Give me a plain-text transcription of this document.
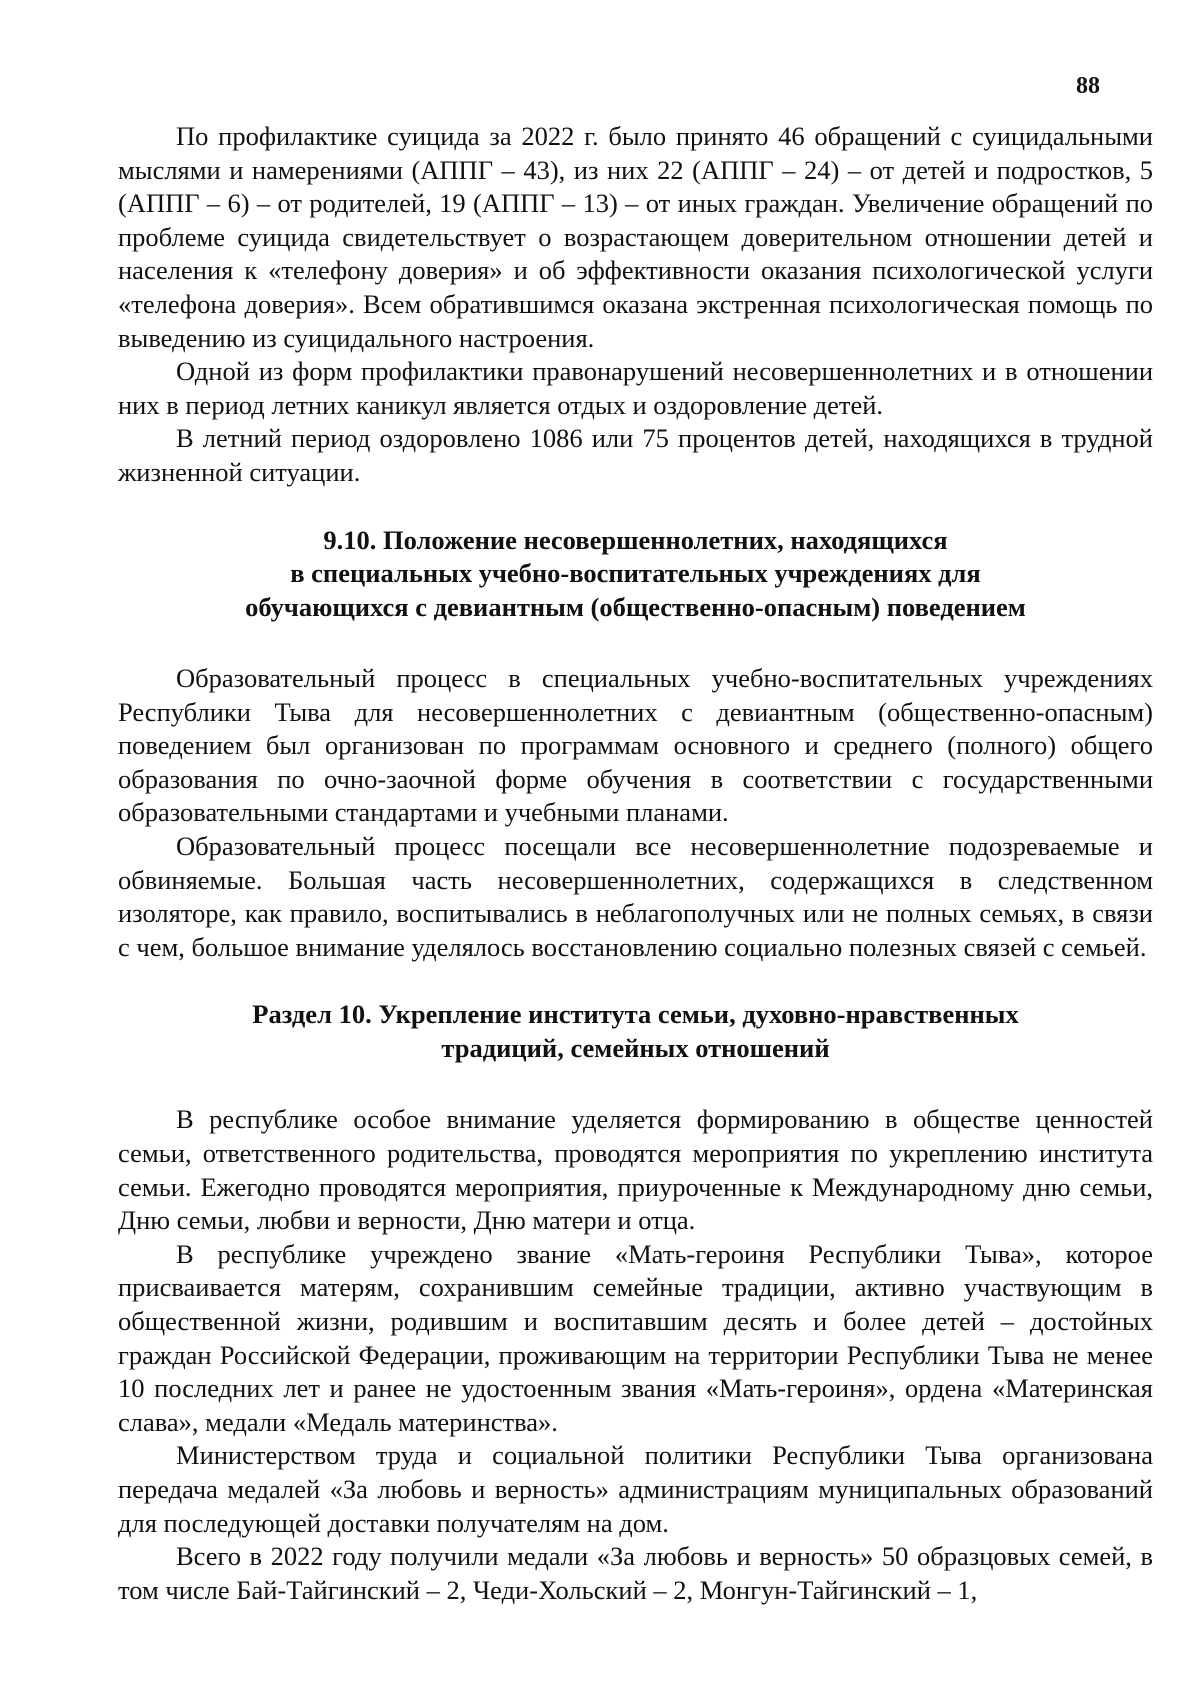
88

По профилактике суицида за 2022 г. было принято 46 обращений с суицидальными мыслями и намерениями (АППГ – 43), из них 22 (АППГ – 24) – от детей и подростков, 5 (АППГ – 6) – от родителей, 19 (АППГ – 13) – от иных граждан. Увеличение обращений по проблеме суицида свидетельствует о возрастающем доверительном отношении детей и населения к «телефону доверия» и об эффективности оказания психологической услуги «телефона доверия». Всем обратившимся оказана экстренная психологическая помощь по выведению из суицидального настроения.

Одной из форм профилактики правонарушений несовершеннолетних и в отношении них в период летних каникул является отдых и оздоровление детей.

В летний период оздоровлено 1086 или 75 процентов детей, находящихся в трудной жизненной ситуации.

9.10. Положение несовершеннолетних, находящихся
в специальных учебно-воспитательных учреждениях для
обучающихся с девиантным (общественно-опасным) поведением

Образовательный процесс в специальных учебно-воспитательных учреждениях Республики Тыва для несовершеннолетних с девиантным (общественно-опасным) поведением был организован по программам основного и среднего (полного) общего образования по очно-заочной форме обучения в соответствии с государственными образовательными стандартами и учебными планами.

Образовательный процесс посещали все несовершеннолетние подозреваемые и обвиняемые. Большая часть несовершеннолетних, содержащихся в следственном изоляторе, как правило, воспитывались в неблагополучных или не полных семьях, в связи с чем, большое внимание уделялось восстановлению социально полезных связей с семьей.

Раздел 10. Укрепление института семьи, духовно-нравственных
традиций, семейных отношений

В республике особое внимание уделяется формированию в обществе ценностей семьи, ответственного родительства, проводятся мероприятия по укреплению института семьи. Ежегодно проводятся мероприятия, приуроченные к Международному дню семьи, Дню семьи, любви и верности, Дню матери и отца.

В республике учреждено звание «Мать-героиня Республики Тыва», которое присваивается матерям, сохранившим семейные традиции, активно участвующим в общественной жизни, родившим и воспитавшим десять и более детей – достойных граждан Российской Федерации, проживающим на территории Республики Тыва не менее 10 последних лет и ранее не удостоенным звания «Мать-героиня», ордена «Материнская слава», медали «Медаль материнства».

Министерством труда и социальной политики Республики Тыва организована передача медалей «За любовь и верность» администрациям муниципальных образований для последующей доставки получателям на дом.

Всего в 2022 году получили медали «За любовь и верность» 50 образцовых семей, в том числе Бай-Тайгинский – 2, Чеди-Хольский – 2, Монгун-Тайгинский – 1,
